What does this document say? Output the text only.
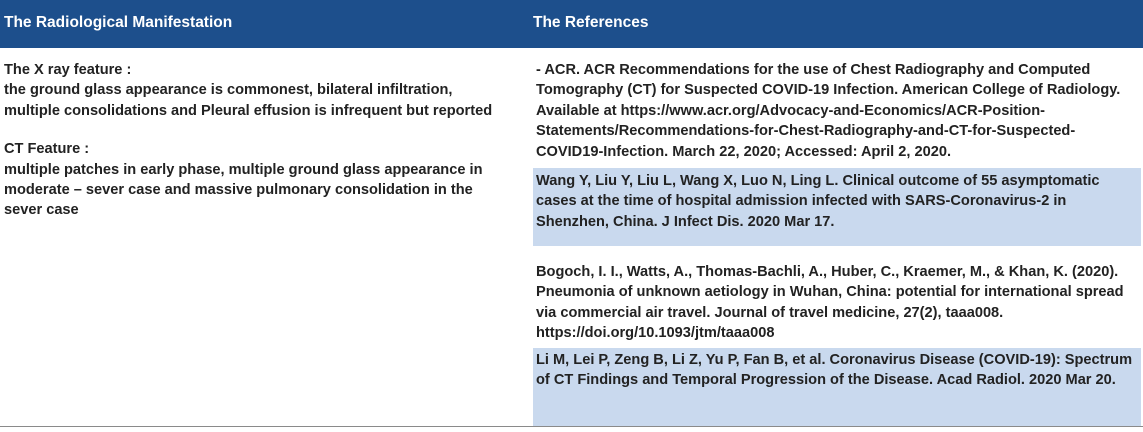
The Radiological Manifestation	The References

The X ray feature :

the ground glass appearance is commonest, bilateral infiltration, multiple consolidations and Pleural effusion is infrequent but reported

CT Feature :

multiple patches in early phase, multiple ground glass appearance in moderate – sever case and massive pulmonary consolidation in the sever case

- ACR. ACR Recommendations for the use of Chest Radiography and Computed Tomography (CT) for Suspected COVID-19 Infection. American College of Radiology. Available at https://www.acr.org/Advocacy-and-Economics/ACR-Position-Statements/Recommendations-for-Chest-Radiography-and-CT-for-Suspected-COVID19-Infection. March 22, 2020; Accessed: April 2, 2020.
Wang Y, Liu Y, Liu L, Wang X, Luo N, Ling L. Clinical outcome of 55 asymptomatic cases at the time of hospital admission infected with SARS-Coronavirus-2 in Shenzhen, China. J Infect Dis. 2020 Mar 17.
Bogoch, I. I., Watts, A., Thomas-Bachli, A., Huber, C., Kraemer, M., & Khan, K. (2020). Pneumonia of unknown aetiology in Wuhan, China: potential for international spread via commercial air travel. Journal of travel medicine, 27(2), taaa008. https://doi.org/10.1093/jtm/taaa008
Li M, Lei P, Zeng B, Li Z, Yu P, Fan B, et al. Coronavirus Disease (COVID-19): Spectrum of CT Findings and Temporal Progression of the Disease. Acad Radiol. 2020 Mar 20.
